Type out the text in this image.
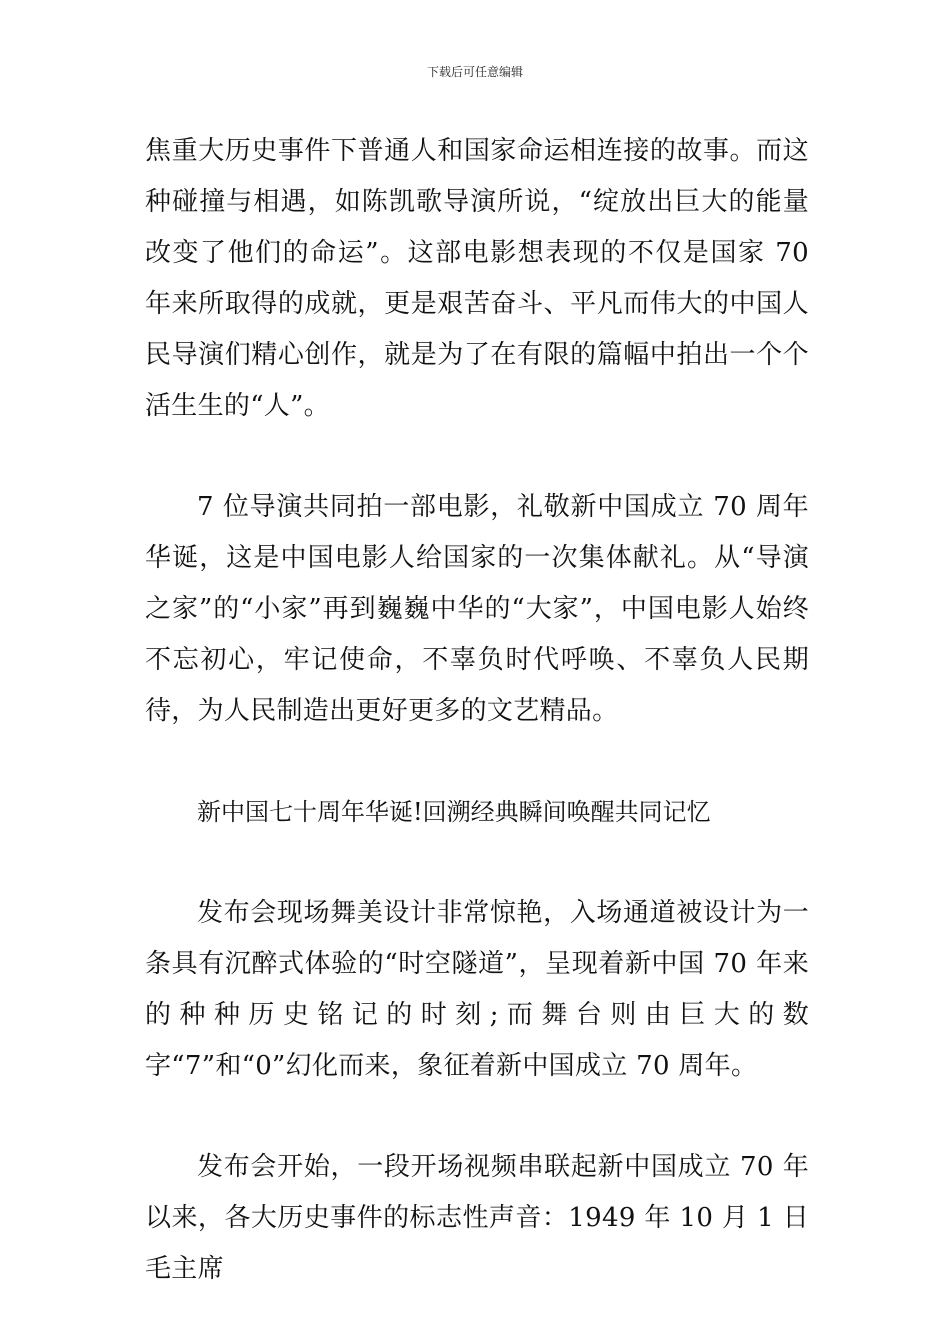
下载后可任意编辑

焦重大历史事件下普通人和国家命运相连接的故事。而这种碰撞与相遇，如陈凯歌导演所说，“绽放出巨大的能量改变了他们的命运”。这部电影想表现的不仅是国家 70 年来所取得的成就，更是艰苦奋斗、平凡而伟大的中国人民导演们精心创作，就是为了在有限的篇幅中拍出一个个活生生的“人”。

7 位导演共同拍一部电影，礼敬新中国成立 70 周年华诞，这是中国电影人给国家的一次集体献礼。从“导演之家”的“小家”再到巍巍中华的“大家”，中国电影人始终不忘初心，牢记使命，不辜负时代呼唤、不辜负人民期待，为人民制造出更好更多的文艺精品。

新中国七十周年华诞!回溯经典瞬间唤醒共同记忆

发布会现场舞美设计非常惊艳，入场通道被设计为一条具有沉醉式体验的“时空隧道”，呈现着新中国 70 年来的种种历史铭记的时刻;而舞台则由巨大的数字“7”和“0”幻化而来，象征着新中国成立 70 周年。

发布会开始，一段开场视频串联起新中国成立 70 年以来，各大历史事件的标志性声音：1949 年 10 月 1 日毛主席
